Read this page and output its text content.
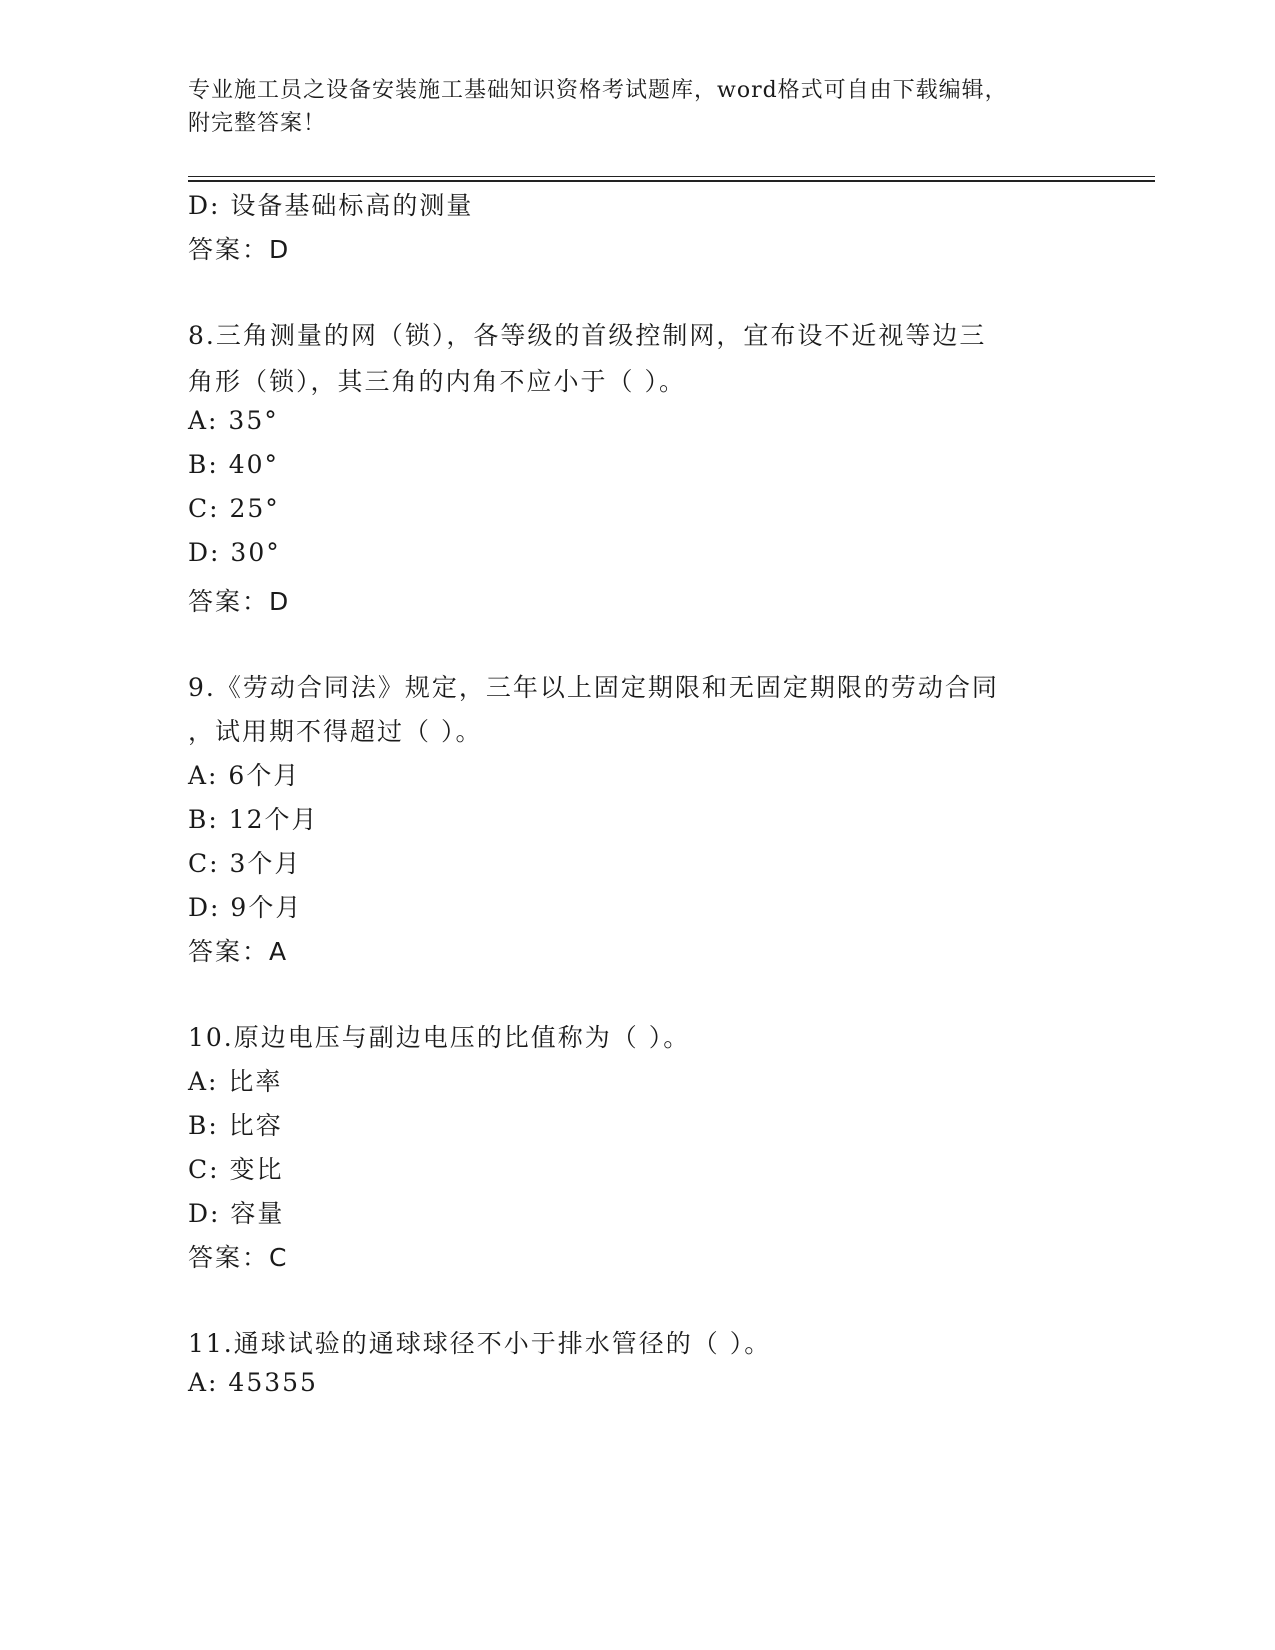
专业施工员之设备安装施工基础知识资格考试题库，word格式可自由下载编辑，
附完整答案！
D: 设备基础标高的测量
答案：D
8.三角测量的网（锁），各等级的首级控制网，宜布设不近视等边三
角形（锁），其三角的内角不应小于（ ）。
A: 35°
B: 40°
C: 25°
D: 30°
答案：D
9.《劳动合同法》规定，三年以上固定期限和无固定期限的劳动合同
，试用期不得超过（ ）。
A: 6个月
B: 12个月
C: 3个月
D: 9个月
答案：A
10.原边电压与副边电压的比值称为（ ）。
A: 比率
B: 比容
C: 变比
D: 容量
答案：C
11.通球试验的通球球径不小于排水管径的（ ）。
A: 45355
